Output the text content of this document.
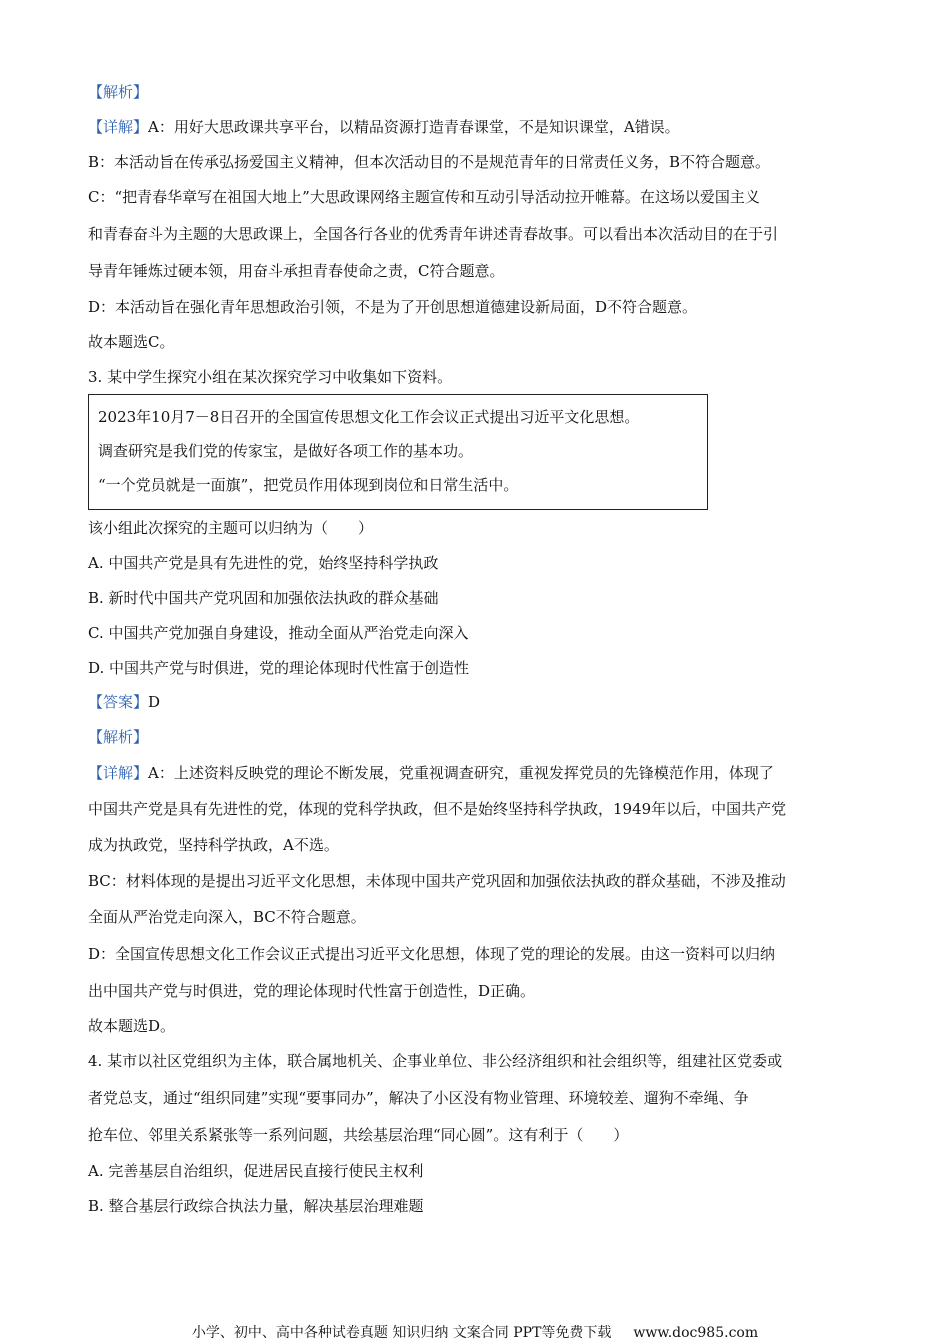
【解析】
【详解】A：用好大思政课共享平台，以精品资源打造青春课堂，不是知识课堂，A错误。
B：本活动旨在传承弘扬爱国主义精神，但本次活动目的不是规范青年的日常责任义务，B不符合题意。
C：“把青春华章写在祖国大地上”大思政课网络主题宣传和互动引导活动拉开帷幕。在这场以爱国主义
和青春奋斗为主题的大思政课上，全国各行各业的优秀青年讲述青春故事。可以看出本次活动目的在于引
导青年锤炼过硬本领，用奋斗承担青春使命之责，C符合题意。
D：本活动旨在强化青年思想政治引领，不是为了开创思想道德建设新局面，D不符合题意。
故本题选C。
3. 某中学生探究小组在某次探究学习中收集如下资料。
2023年10月7－8日召开的全国宣传思想文化工作会议正式提出习近平文化思想。
调查研究是我们党的传家宝，是做好各项工作的基本功。
“一个党员就是一面旗”，把党员作用体现到岗位和日常生活中。
该小组此次探究的主题可以归纳为（　　）
A. 中国共产党是具有先进性的党，始终坚持科学执政
B. 新时代中国共产党巩固和加强依法执政的群众基础
C. 中国共产党加强自身建设，推动全面从严治党走向深入
D. 中国共产党与时俱进，党的理论体现时代性富于创造性
【答案】D
【解析】
【详解】A：上述资料反映党的理论不断发展，党重视调查研究，重视发挥党员的先锋模范作用，体现了
中国共产党是具有先进性的党，体现的党科学执政，但不是始终坚持科学执政，1949年以后，中国共产党
成为执政党，坚持科学执政，A不选。
BC：材料体现的是提出习近平文化思想，未体现中国共产党巩固和加强依法执政的群众基础，不涉及推动
全面从严治党走向深入，BC不符合题意。
D：全国宣传思想文化工作会议正式提出习近平文化思想，体现了党的理论的发展。由这一资料可以归纳
出中国共产党与时俱进，党的理论体现时代性富于创造性，D正确。
故本题选D。
4. 某市以社区党组织为主体，联合属地机关、企事业单位、非公经济组织和社会组织等，组建社区党委或
者党总支，通过“组织同建”实现“要事同办”，解决了小区没有物业管理、环境较差、遛狗不牵绳、争
抢车位、邻里关系紧张等一系列问题，共绘基层治理“同心圆”。这有利于（　　）
A. 完善基层自治组织，促进居民直接行使民主权利
B. 整合基层行政综合执法力量，解决基层治理难题
小学、初中、高中各种试卷真题 知识归纳 文案合同 PPT等免费下载 www.doc985.com
